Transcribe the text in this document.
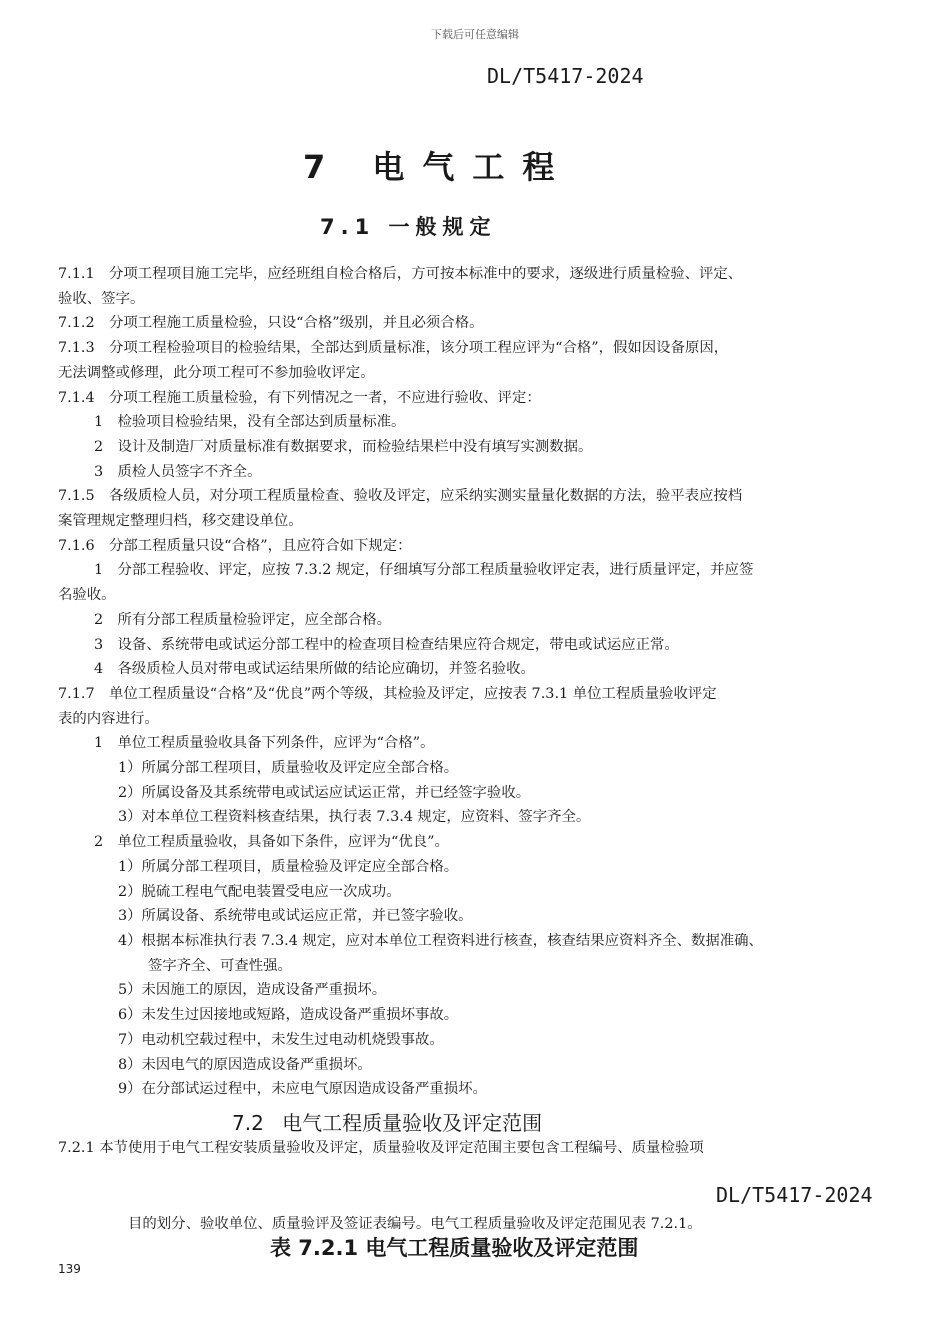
下载后可任意编辑
DL/T5417-2024
7 电气工程
7.1 一般规定
7.1.1　分项工程项目施工完毕，应经班组自检合格后，方可按本标准中的要求，逐级进行质量检验、评定、
验收、签字。
7.1.2　分项工程施工质量检验，只设“合格”级别，并且必须合格。
7.1.3　分项工程检验项目的检验结果，全部达到质量标准，该分项工程应评为“合格”，假如因设备原因，
无法调整或修理，此分项工程可不参加验收评定。
7.1.4　分项工程施工质量检验，有下列情况之一者，不应进行验收、评定：
1　检验项目检验结果，没有全部达到质量标准。
2　设计及制造厂对质量标准有数据要求，而检验结果栏中没有填写实测数据。
3　质检人员签字不齐全。
7.1.5　各级质检人员，对分项工程质量检查、验收及评定，应采纳实测实量量化数据的方法，验平表应按档
案管理规定整理归档，移交建设单位。
7.1.6　分部工程质量只设“合格”，且应符合如下规定：
1　分部工程验收、评定，应按 7.3.2 规定，仔细填写分部工程质量验收评定表，进行质量评定，并应签
名验收。
2　所有分部工程质量检验评定，应全部合格。
3　设备、系统带电或试运分部工程中的检查项目检查结果应符合规定，带电或试运应正常。
4　各级质检人员对带电或试运结果所做的结论应确切，并签名验收。
7.1.7　单位工程质量设“合格”及“优良”两个等级，其检验及评定，应按表 7.3.1 单位工程质量验收评定
表的内容进行。
1　单位工程质量验收具备下列条件，应评为“合格”。
1）所属分部工程项目，质量验收及评定应全部合格。
2）所属设备及其系统带电或试运应试运正常，并已经签字验收。
3）对本单位工程资料核查结果，执行表 7.3.4 规定，应资料、签字齐全。
2　单位工程质量验收，具备如下条件，应评为“优良”。
1）所属分部工程项目，质量检验及评定应全部合格。
2）脱硫工程电气配电装置受电应一次成功。
3）所属设备、系统带电或试运应正常，并已签字验收。
4）根据本标准执行表 7.3.4 规定，应对本单位工程资料进行核查，核查结果应资料齐全、数据准确、
签字齐全、可查性强。
5）未因施工的原因，造成设备严重损坏。
6）未发生过因接地或短路，造成设备严重损坏事故。
7）电动机空载过程中，未发生过电动机烧毁事故。
8）未因电气的原因造成设备严重损坏。
9）在分部试运过程中，未应电气原因造成设备严重损坏。
7.2 电气工程质量验收及评定范围
7.2.1 本节使用于电气工程安装质量验收及评定，质量验收及评定范围主要包含工程编号、质量检验项
DL/T5417-2024
目的划分、验收单位、质量验评及签证表编号。电气工程质量验收及评定范围见表 7.2.1。
表 7.2.1 电气工程质量验收及评定范围
139
